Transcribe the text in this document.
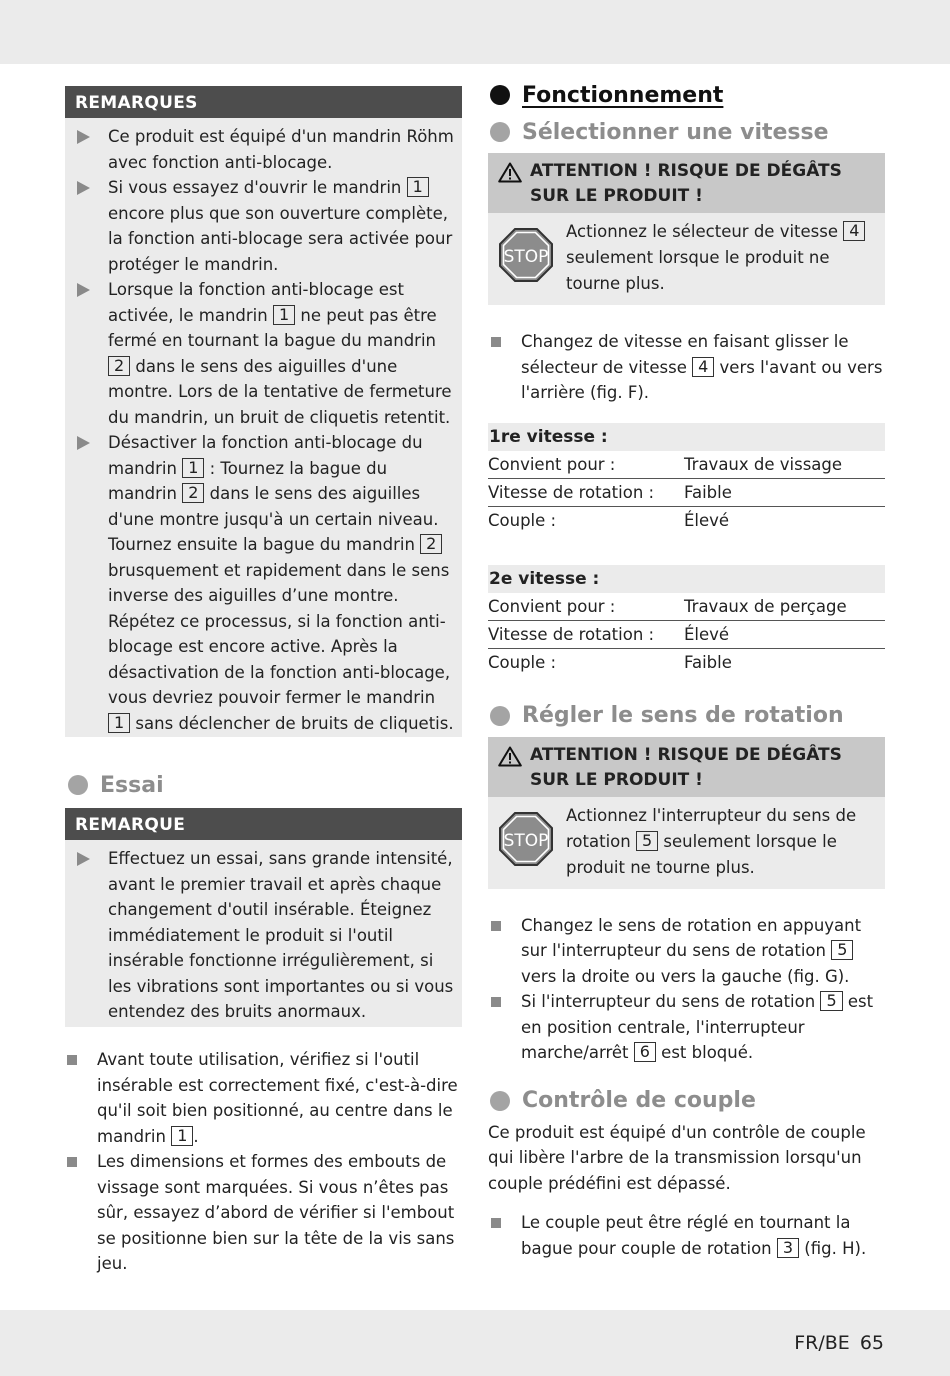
REMARQUES
Ce produit est équipé d'un mandrin Röhm avec fonction anti-blocage.
Si vous essayez d'ouvrir le mandrin 1 encore plus que son ouverture complète, la fonction anti-blocage sera activée pour protéger le mandrin.
Lorsque la fonction anti-blocage est activée, le mandrin 1 ne peut pas être fermé en tournant la bague du mandrin 2 dans le sens des aiguilles d'une montre. Lors de la tentative de fermeture du mandrin, un bruit de cliquetis retentit.
Désactiver la fonction anti-blocage du mandrin 1 : Tournez la bague du mandrin 2 dans le sens des aiguilles d'une montre jusqu'à un certain niveau. Tournez ensuite la bague du mandrin 2 brusquement et rapidement dans le sens inverse des aiguilles d’une montre.
Répétez ce processus, si la fonction anti-blocage est encore active. Après la désactivation de la fonction anti-blocage, vous devriez pouvoir fermer le mandrin 1 sans déclencher de bruits de cliquetis.
Essai
REMARQUE
Effectuez un essai, sans grande intensité, avant le premier travail et après chaque changement d'outil insérable. Éteignez immédiatement le produit si l'outil insérable fonctionne irrégulièrement, si les vibrations sont importantes ou si vous entendez des bruits anormaux.
Avant toute utilisation, vérifiez si l'outil insérable est correctement fixé, c'est-à-dire qu'il soit bien positionné, au centre dans le mandrin 1 .
Les dimensions et formes des embouts de vissage sont marquées. Si vous n’êtes pas sûr, essayez d’abord de vérifier si l'embout se positionne bien sur la tête de la vis sans jeu.
Fonctionnement
Sélectionner une vitesse
ATTENTION ! RISQUE DE DÉGÂTS SUR LE PRODUIT !
STOP
Actionnez le sélecteur de vitesse 4 seulement lorsque le produit ne tourne plus.
Changez de vitesse en faisant glisser le sélecteur de vitesse 4 vers l'avant ou vers l'arrière (fig. F).
1re vitesse :
Convient pour :	Travaux de vissage
Vitesse de rotation :	Faible
Couple :	Élevé
2e vitesse :
Convient pour :	Travaux de perçage
Vitesse de rotation :	Élevé
Couple :	Faible
Régler le sens de rotation
ATTENTION ! RISQUE DE DÉGÂTS SUR LE PRODUIT !
STOP
Actionnez l'interrupteur du sens de rotation 5 seulement lorsque le produit ne tourne plus.
Changez le sens de rotation en appuyant sur l'interrupteur du sens de rotation 5 vers la droite ou vers la gauche (fig. G).
Si l'interrupteur du sens de rotation 5 est en position centrale, l'interrupteur marche/arrêt 6 est bloqué.
Contrôle de couple

Ce produit est équipé d'un contrôle de couple qui libère l'arbre de la transmission lorsqu'un couple prédéfini est dépassé.

Le couple peut être réglé en tournant la bague pour couple de rotation 3 (fig. H).
FR/BE 65
